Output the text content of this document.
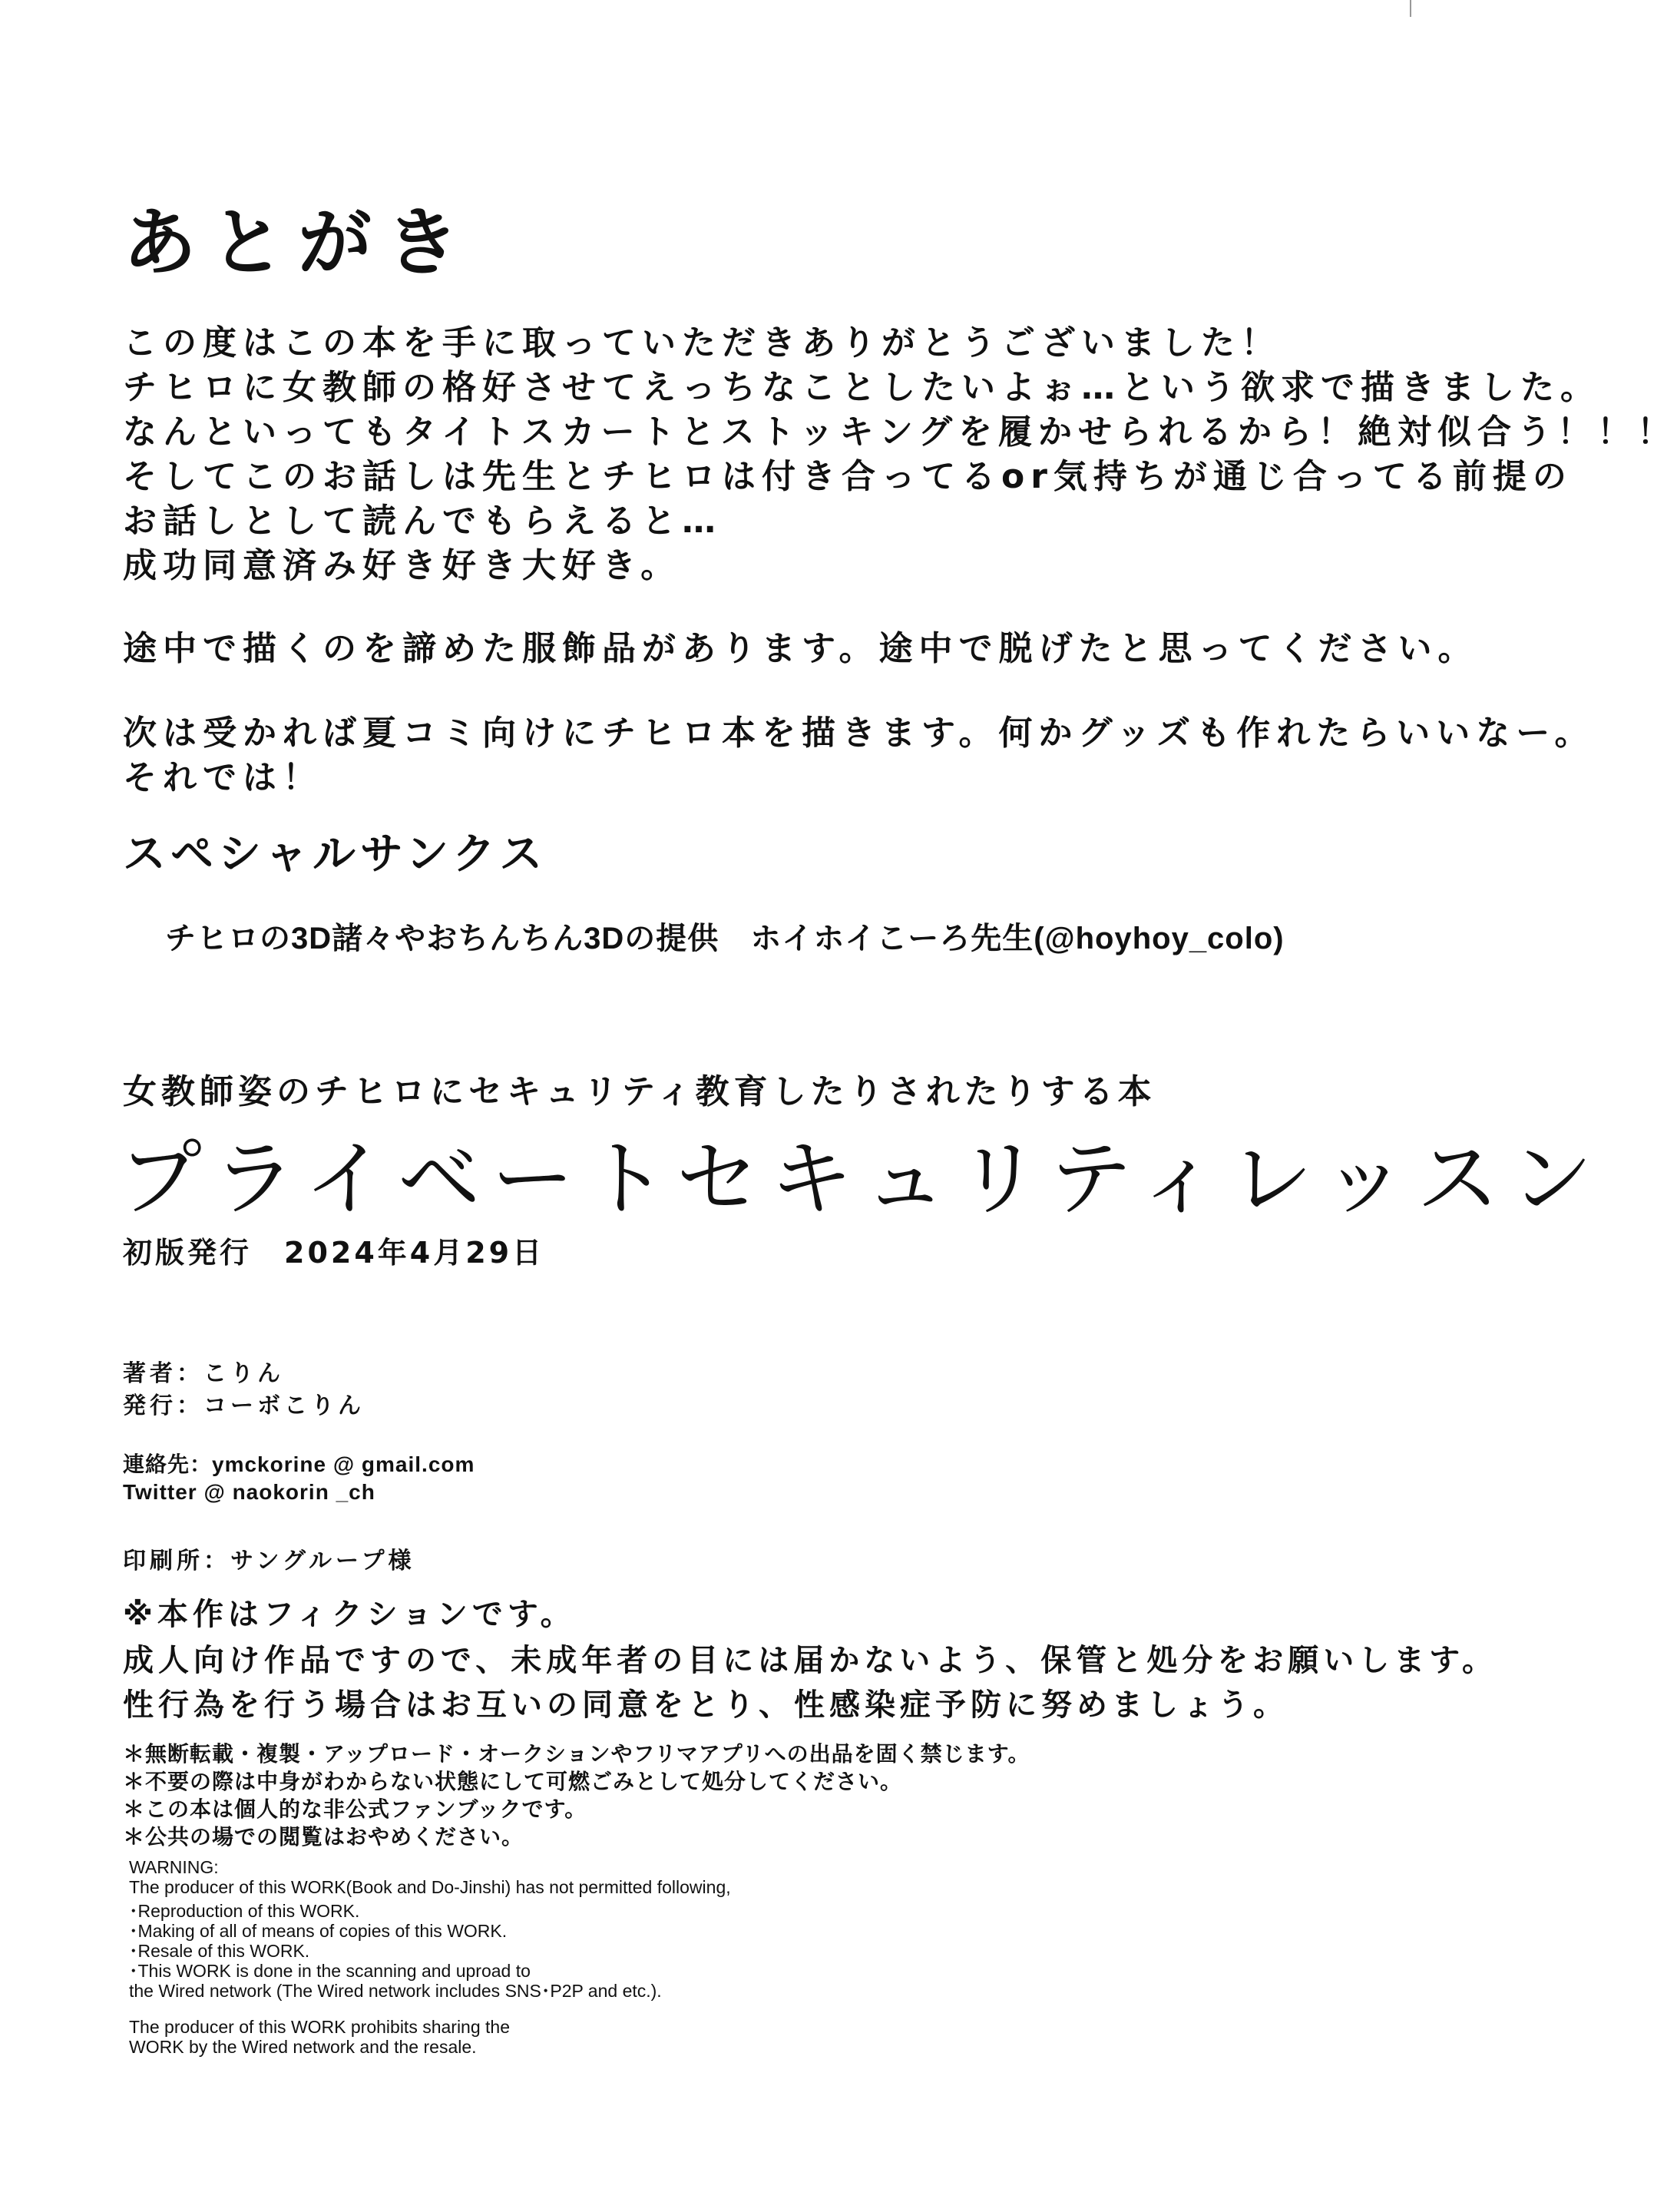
あとがき

この度はこの本を手に取っていただきありがとうございました！

チヒロに女教師の格好させてえっちなことしたいよぉ…という欲求で描きました。

なんといってもタイトスカートとストッキングを履かせられるから！絶対似合う！！！

そしてこのお話しは先生とチヒロは付き合ってるor気持ちが通じ合ってる前提の

お話しとして読んでもらえると…

成功同意済み好き好き大好き。

途中で描くのを諦めた服飾品があります。途中で脱げたと思ってください。

次は受かれば夏コミ向けにチヒロ本を描きます。何かグッズも作れたらいいなー。

それでは！

スペシャルサンクス

チヒロの3D諸々やおちんちん3Dの提供　ホイホイこーろ先生(@hoyhoy_colo)

女教師姿のチヒロにセキュリティ教育したりされたりする本

プライベートセキュリティレッスン

初版発行　2024年4月29日

著者：こりん

発行：コーボこりん

連絡先：ymckorine @ gmail.com

Twitter @ naokorin _ch

印刷所：サングループ様

※本作はフィクションです。

成人向け作品ですので、未成年者の目には届かないよう、保管と処分をお願いします。

性行為を行う場合はお互いの同意をとり、性感染症予防に努めましょう。

＊無断転載・複製・アップロード・オークションやフリマアプリへの出品を固く禁じます。

＊不要の際は中身がわからない状態にして可燃ごみとして処分してください。

＊この本は個人的な非公式ファンブックです。

＊公共の場での閲覧はおやめください。

WARNING:

The producer of this WORK(Book and Do-Jinshi) has not permitted following,

･Reproduction of this WORK.

･Making of all of means of copies of this WORK.

･Resale of this WORK.

･This WORK is done in the scanning and uproad to

the Wired network (The Wired network includes SNS･P2P and etc.).

The producer of this WORK prohibits sharing the

WORK by the Wired network and the resale.
